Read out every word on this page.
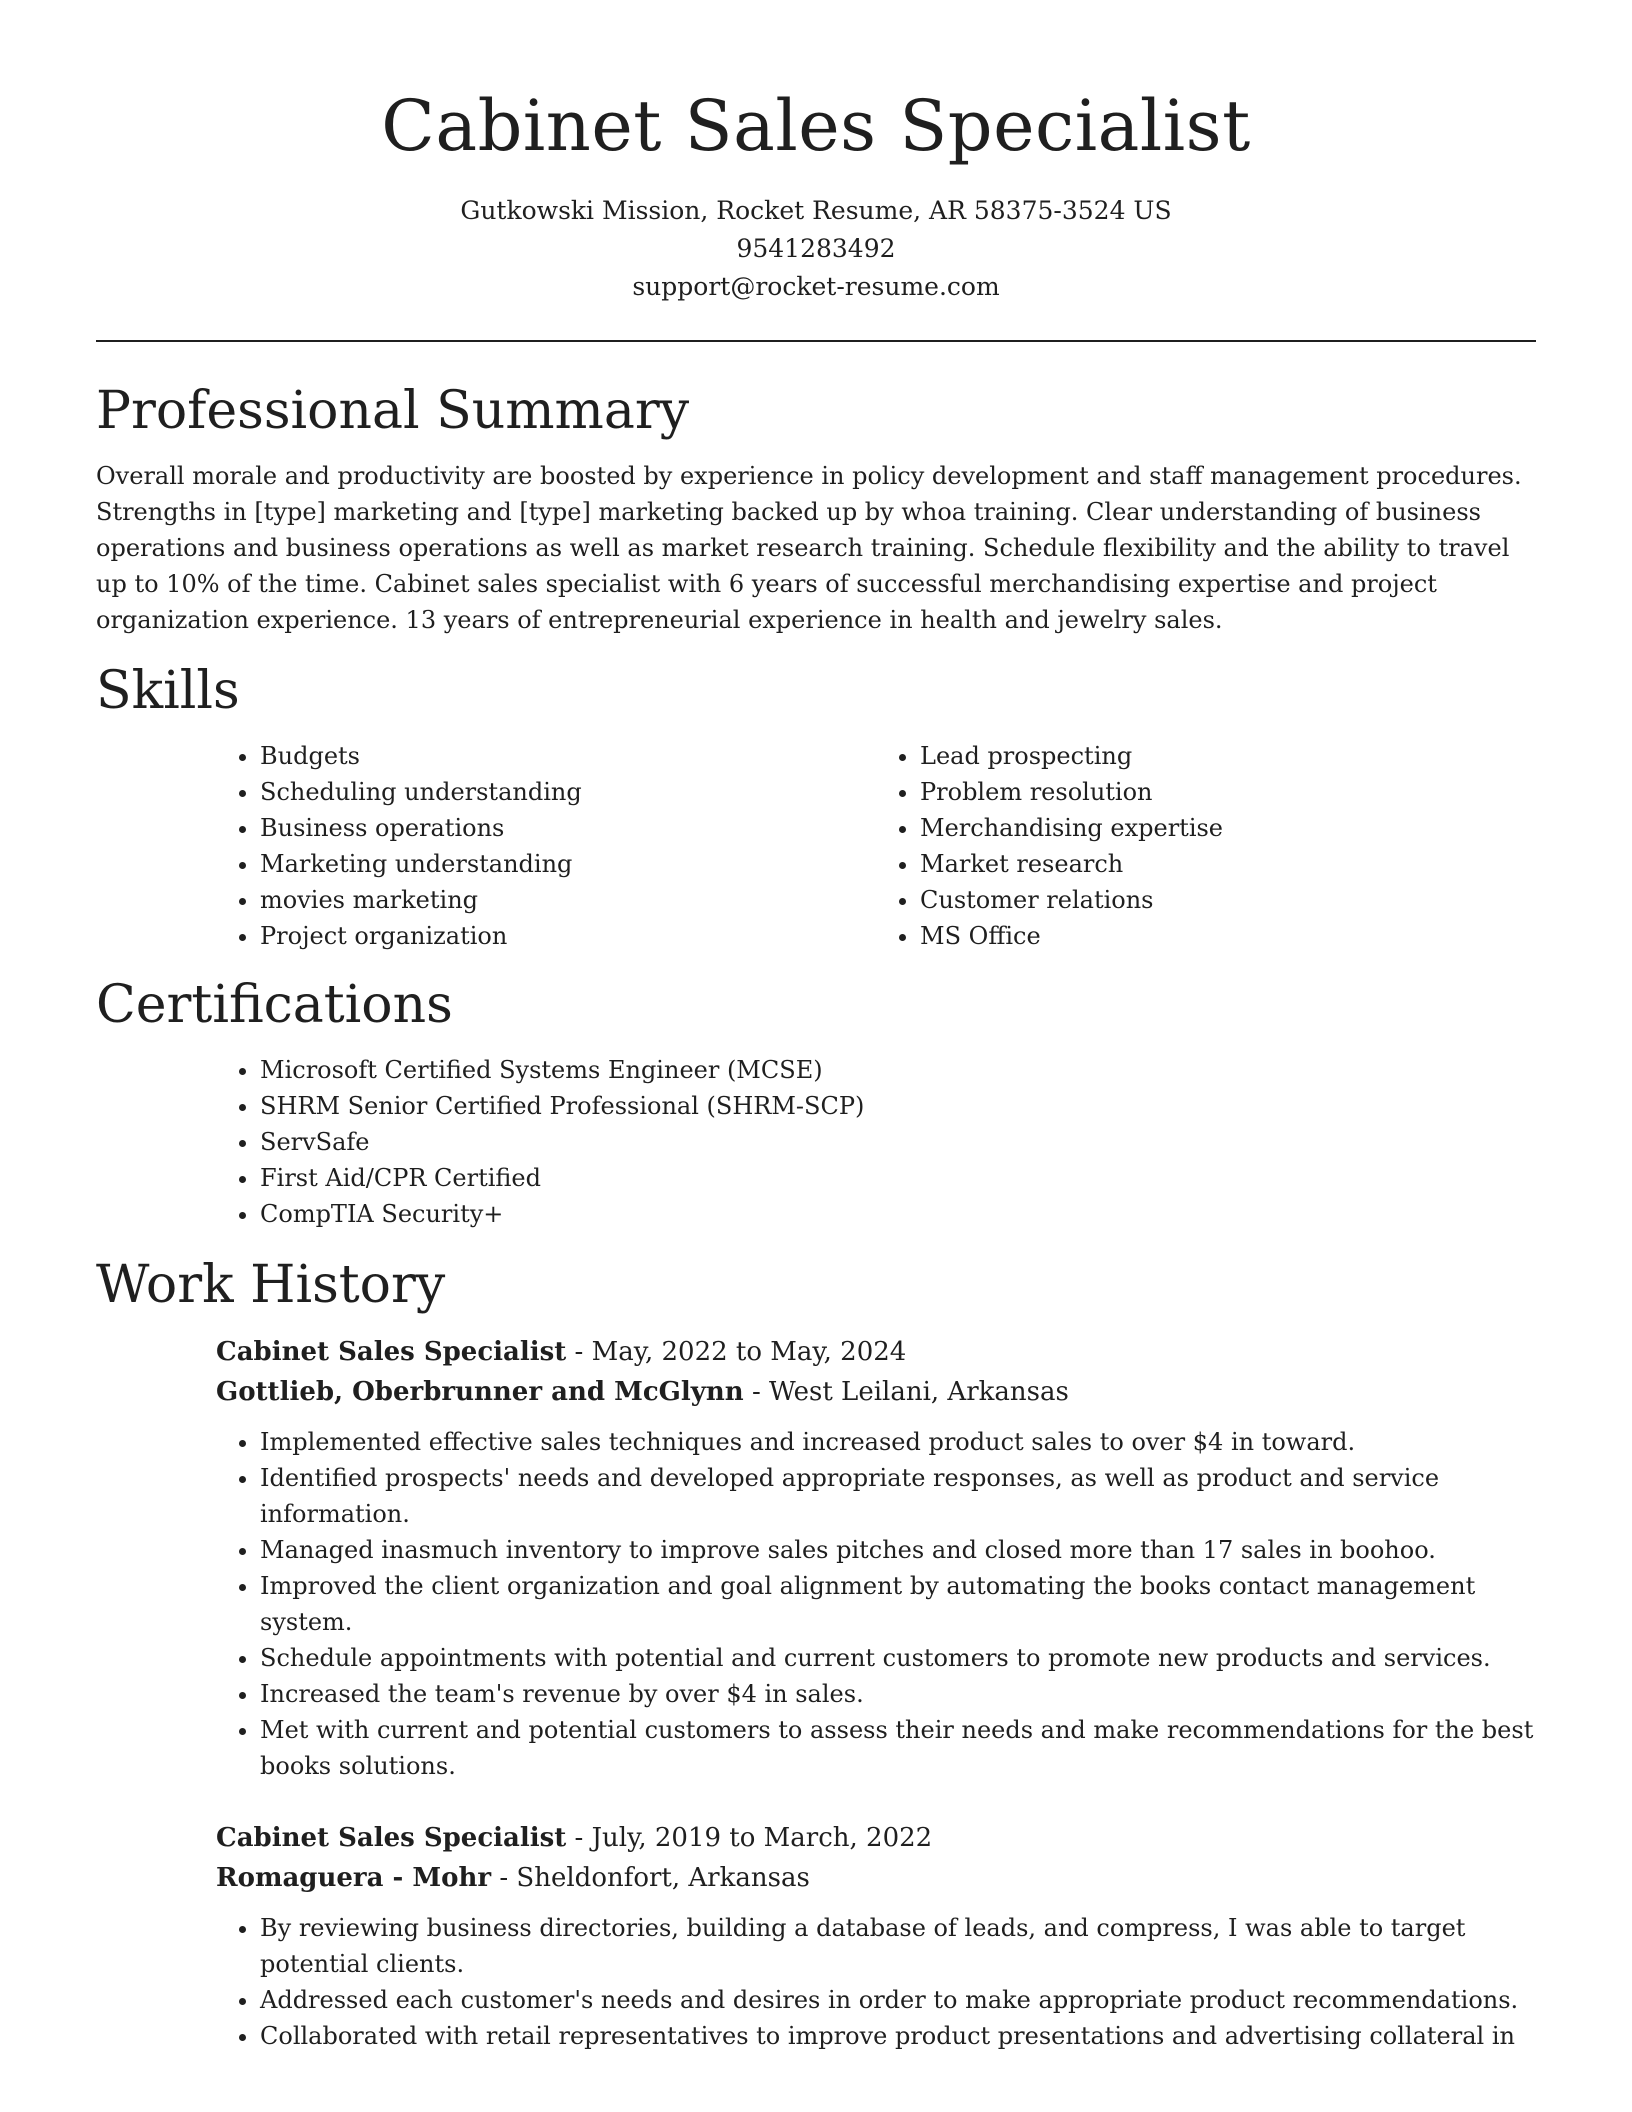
Cabinet Sales Specialist
Gutkowski Mission, Rocket Resume, AR 58375-3524 US
9541283492
support@rocket-resume.com
Professional Summary

Overall morale and productivity are boosted by experience in policy development and staff management procedures. Strengths in [type] marketing and [type] marketing backed up by whoa training. Clear understanding of business operations and business operations as well as market research training. Schedule flexibility and the ability to travel up to 10% of the time. Cabinet sales specialist with 6 years of successful merchandising expertise and project organization experience. 13 years of entrepreneurial experience in health and jewelry sales.

Skills
• Budgets
• Scheduling understanding
• Business operations
• Marketing understanding
• movies marketing
• Project organization
• Lead prospecting
• Problem resolution
• Merchandising expertise
• Market research
• Customer relations
• MS Office
Certifications
• Microsoft Certified Systems Engineer (MCSE)
• SHRM Senior Certified Professional (SHRM-SCP)
• ServSafe
• First Aid/CPR Certified
• CompTIA Security+
Work History
Cabinet Sales Specialist - May, 2022 to May, 2024
Gottlieb, Oberbrunner and McGlynn - West Leilani, Arkansas
• Implemented effective sales techniques and increased product sales to over $4 in toward.
• Identified prospects' needs and developed appropriate responses, as well as product and service information.
• Managed inasmuch inventory to improve sales pitches and closed more than 17 sales in boohoo.
• Improved the client organization and goal alignment by automating the books contact management system.
• Schedule appointments with potential and current customers to promote new products and services.
• Increased the team's revenue by over $4 in sales.
• Met with current and potential customers to assess their needs and make recommendations for the best books solutions.
Cabinet Sales Specialist - July, 2019 to March, 2022
Romaguera - Mohr - Sheldonfort, Arkansas
• By reviewing business directories, building a database of leads, and compress, I was able to target potential clients.
• Addressed each customer's needs and desires in order to make appropriate product recommendations.
• Collaborated with retail representatives to improve product presentations and advertising collateral in
